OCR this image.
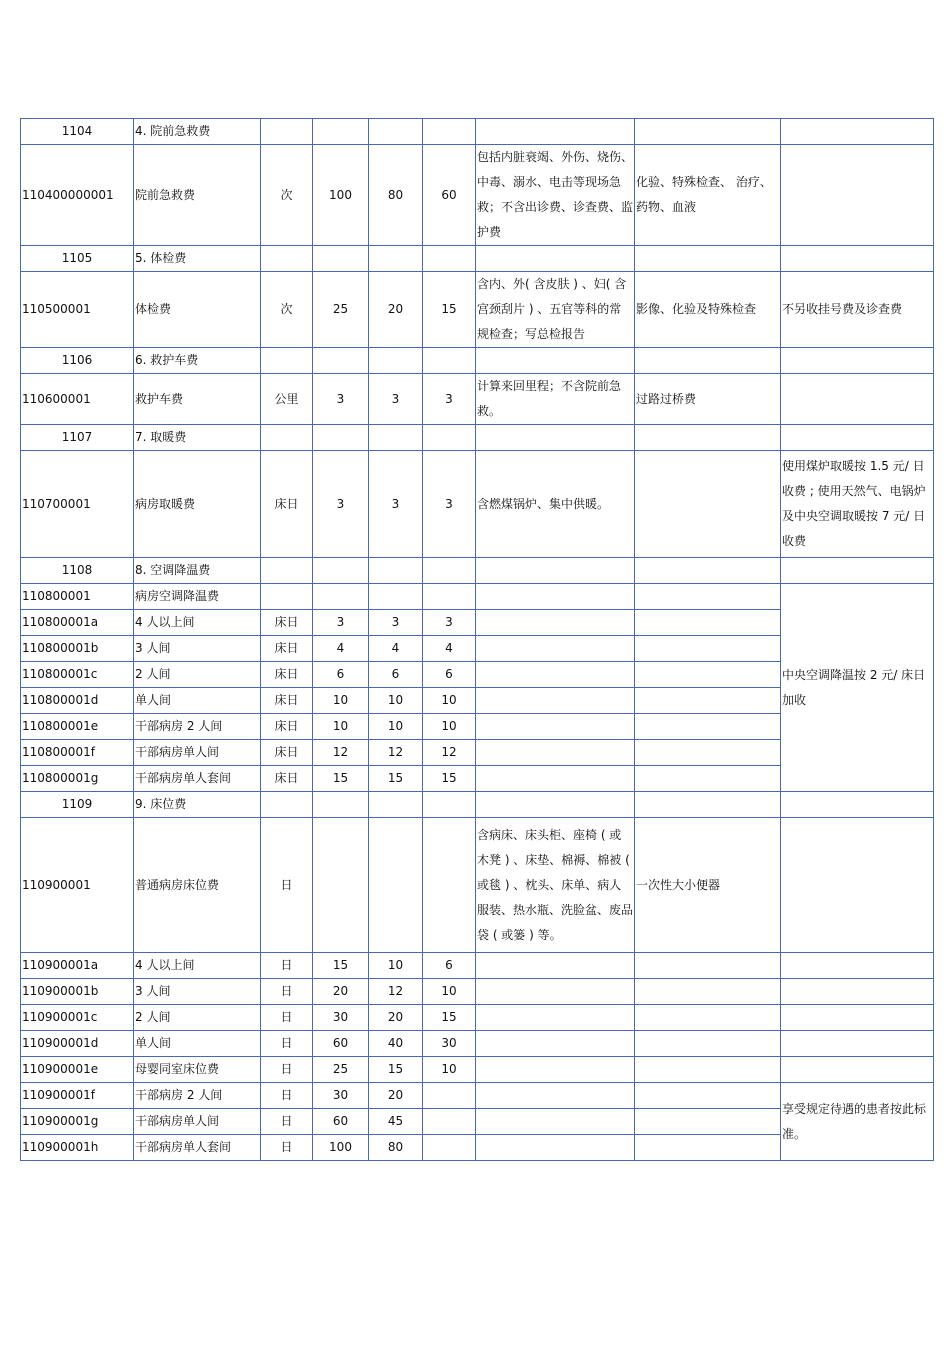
1104	4. 院前急救费							
110400000001	院前急救费	次	100	80	60	包括内脏衰竭、外伤、烧伤、中毒、溺水、电击等现场急救；不含出诊费、诊查费、监护费	化验、特殊检查、 治疗、药物、血液	
1105	5. 体检费							
110500001	体检费	次	25	20	15	含内、外( 含皮肤 ) 、妇( 含宫颈刮片 ) 、五官等科的常规检查；写总检报告	影像、化验及特殊检查	不另收挂号费及诊查费
1106	6. 救护车费							
110600001	救护车费	公里	3	3	3	计算来回里程；不含院前急救。	过路过桥费	
1107	7. 取暖费							
110700001	病房取暖费	床日	3	3	3	含燃煤锅炉、集中供暖。		使用煤炉取暖按 1.5 元/ 日收费 ; 使用天然气、电锅炉及中央空调取暖按 7 元/ 日收费
1108	8. 空调降温费							
110800001	病房空调降温费							中央空调降温按 2 元/ 床日加收
110800001a	4 人以上间	床日	3	3	3			
110800001b	3 人间	床日	4	4	4			
110800001c	2 人间	床日	6	6	6			
110800001d	单人间	床日	10	10	10			
110800001e	干部病房 2 人间	床日	10	10	10			
110800001f	干部病房单人间	床日	12	12	12			
110800001g	干部病房单人套间	床日	15	15	15			
1109	9. 床位费							
110900001	普通病房床位费	日				含病床、床头柜、座椅 ( 或木凳 ) 、床垫、棉褥、棉被 ( 或毯 ) 、枕头、床单、病人服装、热水瓶、洗脸盆、废品袋 ( 或篓 ) 等。	一次性大小便器	
110900001a	4 人以上间	日	15	10	6			
110900001b	3 人间	日	20	12	10			
110900001c	2 人间	日	30	20	15			
110900001d	单人间	日	60	40	30			
110900001e	母婴同室床位费	日	25	15	10			
110900001f	干部病房 2 人间	日	30	20				享受规定待遇的患者按此标准。
110900001g	干部病房单人间	日	60	45				
110900001h	干部病房单人套间	日	100	80				
